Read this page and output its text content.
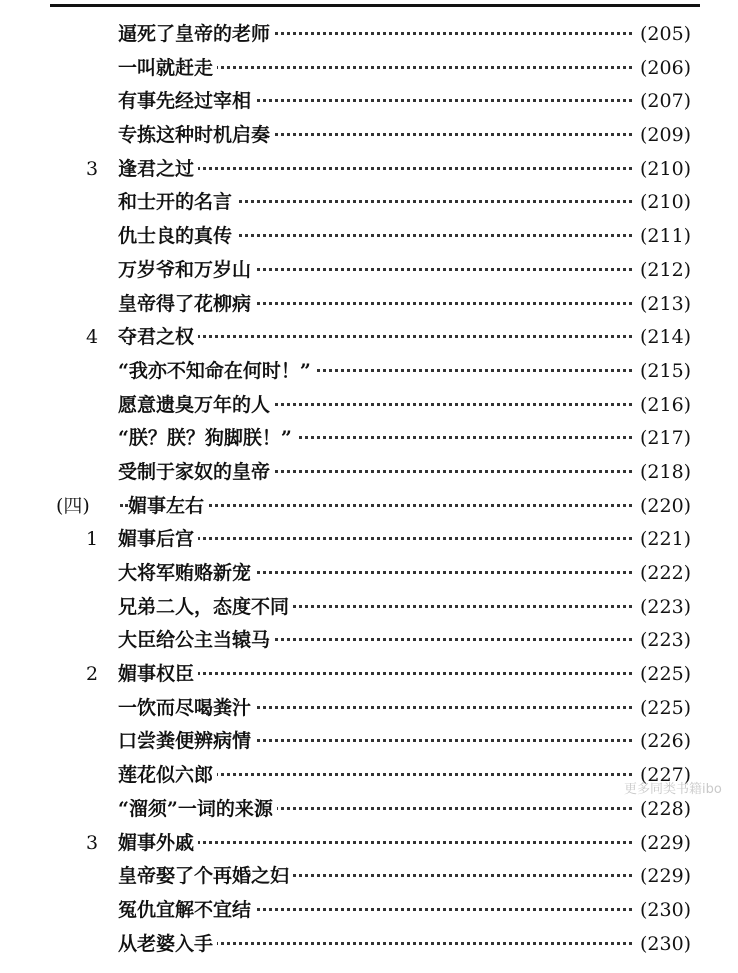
逼死了皇帝的老师	(205)
一叫就赶走	(206)
有事先经过宰相	(207)
专拣这种时机启奏	(209)
3 逢君之过	(210)
和士开的名言	(210)
仇士良的真传	(211)
万岁爷和万岁山	(212)
皇帝得了花柳病	(213)
4 夺君之权	(214)
“我亦不知命在何时！”	(215)
愿意遗臭万年的人	(216)
“朕？朕？狗脚朕！”	(217)
受制于家奴的皇帝	(218)
(四) 媚事左右	(220)
1 媚事后宫	(221)
大将军贿赂新宠	(222)
兄弟二人，态度不同	(223)
大臣给公主当辕马	(223)
2 媚事权臣	(225)
一饮而尽喝粪汁	(225)
口尝粪便辨病情	(226)
莲花似六郎	(227)
“溜须”一词的来源	(228)
3 媚事外戚	(229)
皇帝娶了个再婚之妇	(229)
冤仇宜解不宜结	(230)
从老婆入手	(230)
更多同类书籍ibo
